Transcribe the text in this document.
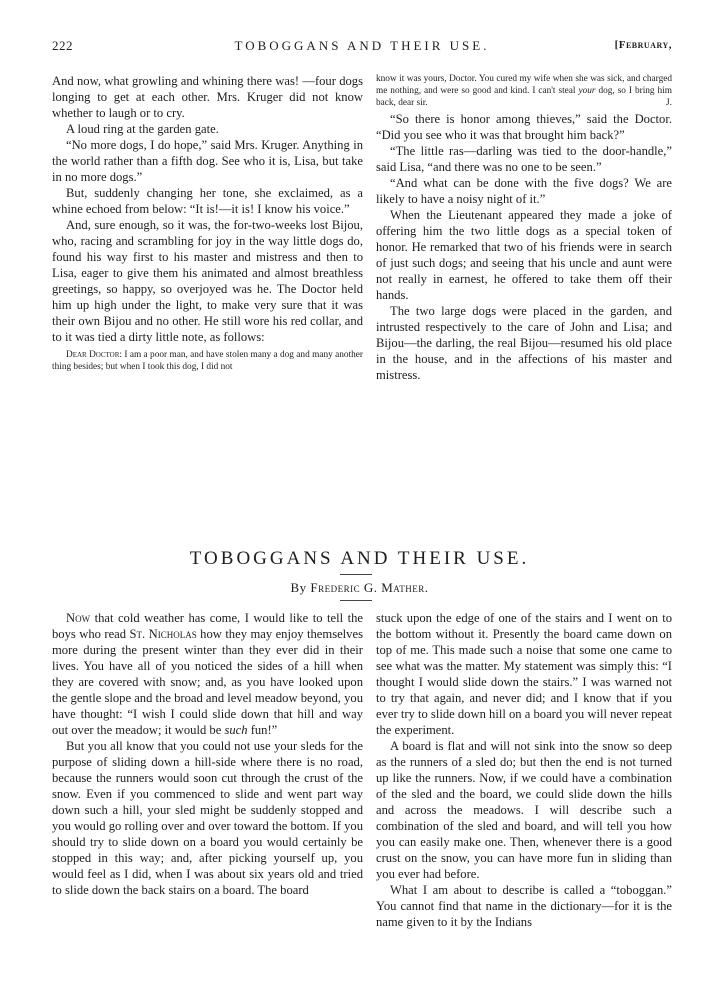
222	TOBOGGANS AND THEIR USE.	[February,

And now, what growling and whining there was! —four dogs longing to get at each other. Mrs. Kruger did not know whether to laugh or to cry.

A loud ring at the garden gate.

“No more dogs, I do hope,” said Mrs. Kruger. Anything in the world rather than a fifth dog. See who it is, Lisa, but take in no more dogs.”

But, suddenly changing her tone, she exclaimed, as a whine echoed from below: “It is!—it is! I know his voice.”

And, sure enough, so it was, the for-two-weeks lost Bijou, who, racing and scrambling for joy in the way little dogs do, found his way first to his master and mistress and then to Lisa, eager to give them his animated and almost breathless greetings, so happy, so overjoyed was he. The Doctor held him up high under the light, to make very sure that it was their own Bijou and no other. He still wore his red collar, and to it was tied a dirty little note, as follows:

Dear Doctor: I am a poor man, and have stolen many a dog and many another thing besides; but when I took this dog, I did not

know it was yours, Doctor. You cured my wife when she was sick, and charged me nothing, and were so good and kind. I can't steal your dog, so I bring him back, dear sir.	J.

“So there is honor among thieves,” said the Doctor. “Did you see who it was that brought him back?”

“The little ras—darling was tied to the door-handle,” said Lisa, “and there was no one to be seen.”

“And what can be done with the five dogs? We are likely to have a noisy night of it.”

When the Lieutenant appeared they made a joke of offering him the two little dogs as a special token of honor. He remarked that two of his friends were in search of just such dogs; and seeing that his uncle and aunt were not really in earnest, he offered to take them off their hands.

The two large dogs were placed in the garden, and intrusted respectively to the care of John and Lisa; and Bijou—the darling, the real Bijou—resumed his old place in the house, and in the affections of his master and mistress.

TOBOGGANS AND THEIR USE.
By Frederic G. Mather.

Now that cold weather has come, I would like to tell the boys who read St. Nicholas how they may enjoy themselves more during the present winter than they ever did in their lives. You have all of you noticed the sides of a hill when they are covered with snow; and, as you have looked upon the gentle slope and the broad and level meadow beyond, you have thought: “I wish I could slide down that hill and way out over the meadow; it would be such fun!”

But you all know that you could not use your sleds for the purpose of sliding down a hill-side where there is no road, because the runners would soon cut through the crust of the snow. Even if you commenced to slide and went part way down such a hill, your sled might be suddenly stopped and you would go rolling over and over toward the bottom. If you should try to slide down on a board you would certainly be stopped in this way; and, after picking yourself up, you would feel as I did, when I was about six years old and tried to slide down the back stairs on a board. The board

stuck upon the edge of one of the stairs and I went on to the bottom without it. Presently the board came down on top of me. This made such a noise that some one came to see what was the matter. My statement was simply this: “I thought I would slide down the stairs.” I was warned not to try that again, and never did; and I know that if you ever try to slide down hill on a board you will never repeat the experiment.

A board is flat and will not sink into the snow so deep as the runners of a sled do; but then the end is not turned up like the runners. Now, if we could have a combination of the sled and the board, we could slide down the hills and across the meadows. I will describe such a combination of the sled and board, and will tell you how you can easily make one. Then, whenever there is a good crust on the snow, you can have more fun in sliding than you ever had before.

What I am about to describe is called a “toboggan.” You cannot find that name in the dictionary—for it is the name given to it by the Indians
